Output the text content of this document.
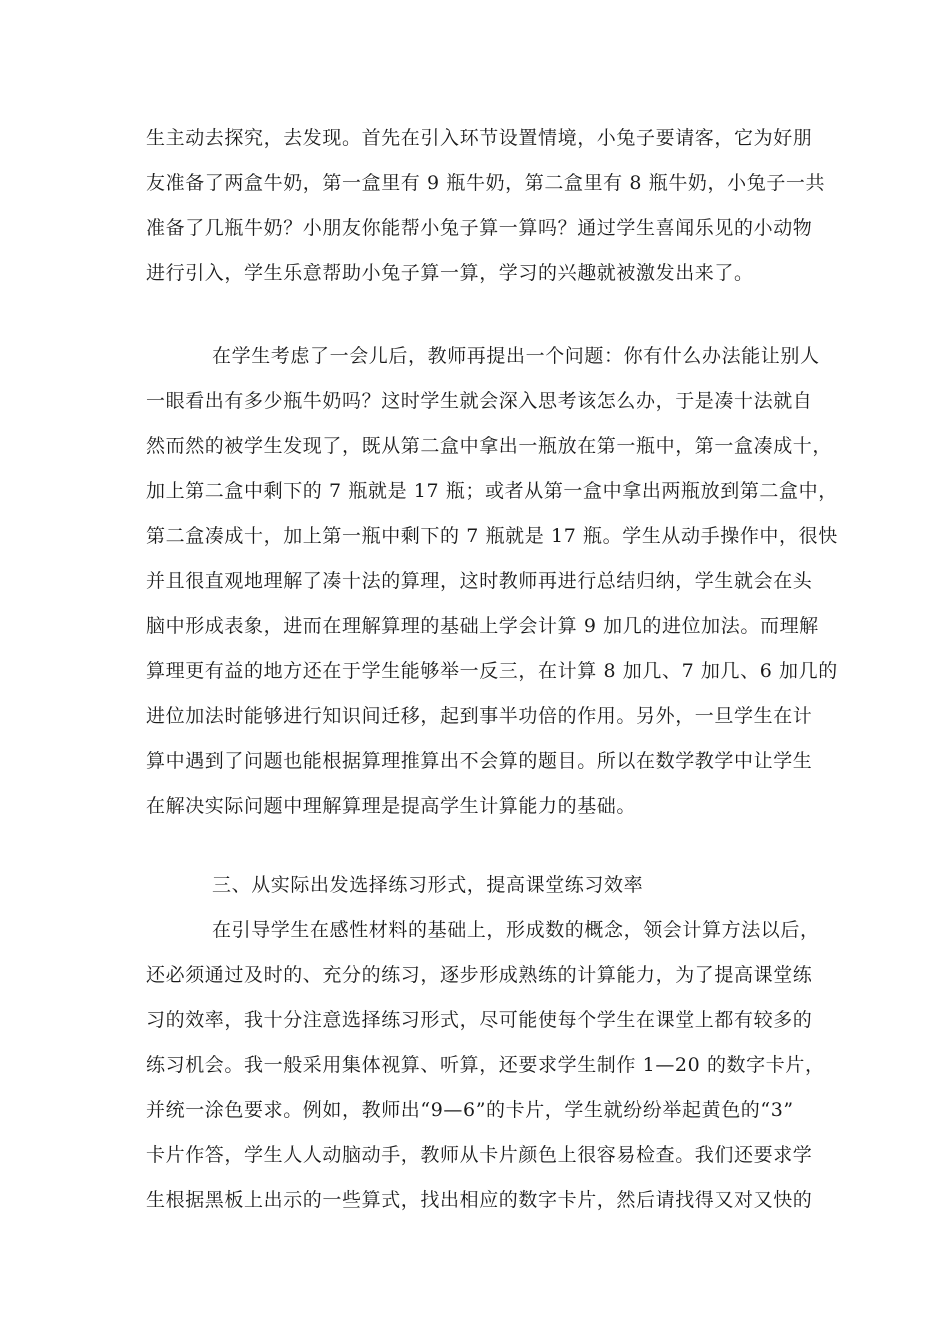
生主动去探究，去发现。首先在引入环节设置情境，小兔子要请客，它为好朋
友准备了两盒牛奶，第一盒里有 9 瓶牛奶，第二盒里有 8 瓶牛奶，小兔子一共
准备了几瓶牛奶？小朋友你能帮小兔子算一算吗？通过学生喜闻乐见的小动物
进行引入，学生乐意帮助小兔子算一算，学习的兴趣就被激发出来了。
在学生考虑了一会儿后，教师再提出一个问题：你有什么办法能让别人
一眼看出有多少瓶牛奶吗？这时学生就会深入思考该怎么办，于是凑十法就自
然而然的被学生发现了，既从第二盒中拿出一瓶放在第一瓶中，第一盒凑成十，
加上第二盒中剩下的 7 瓶就是 17 瓶；或者从第一盒中拿出两瓶放到第二盒中，
第二盒凑成十，加上第一瓶中剩下的 7 瓶就是 17 瓶。学生从动手操作中，很快
并且很直观地理解了凑十法的算理，这时教师再进行总结归纳，学生就会在头
脑中形成表象，进而在理解算理的基础上学会计算 9 加几的进位加法。而理解
算理更有益的地方还在于学生能够举一反三，在计算 8 加几、7 加几、6 加几的
进位加法时能够进行知识间迁移，起到事半功倍的作用。另外，一旦学生在计
算中遇到了问题也能根据算理推算出不会算的题目。所以在数学教学中让学生
在解决实际问题中理解算理是提高学生计算能力的基础。
三、从实际出发选择练习形式，提高课堂练习效率
在引导学生在感性材料的基础上，形成数的概念，领会计算方法以后，
还必须通过及时的、充分的练习，逐步形成熟练的计算能力，为了提高课堂练
习的效率，我十分注意选择练习形式，尽可能使每个学生在课堂上都有较多的
练习机会。我一般采用集体视算、听算，还要求学生制作 1—20 的数字卡片，
并统一涂色要求。例如，教师出“9—6”的卡片，学生就纷纷举起黄色的“3”
卡片作答，学生人人动脑动手，教师从卡片颜色上很容易检查。我们还要求学
生根据黑板上出示的一些算式，找出相应的数字卡片，然后请找得又对又快的
